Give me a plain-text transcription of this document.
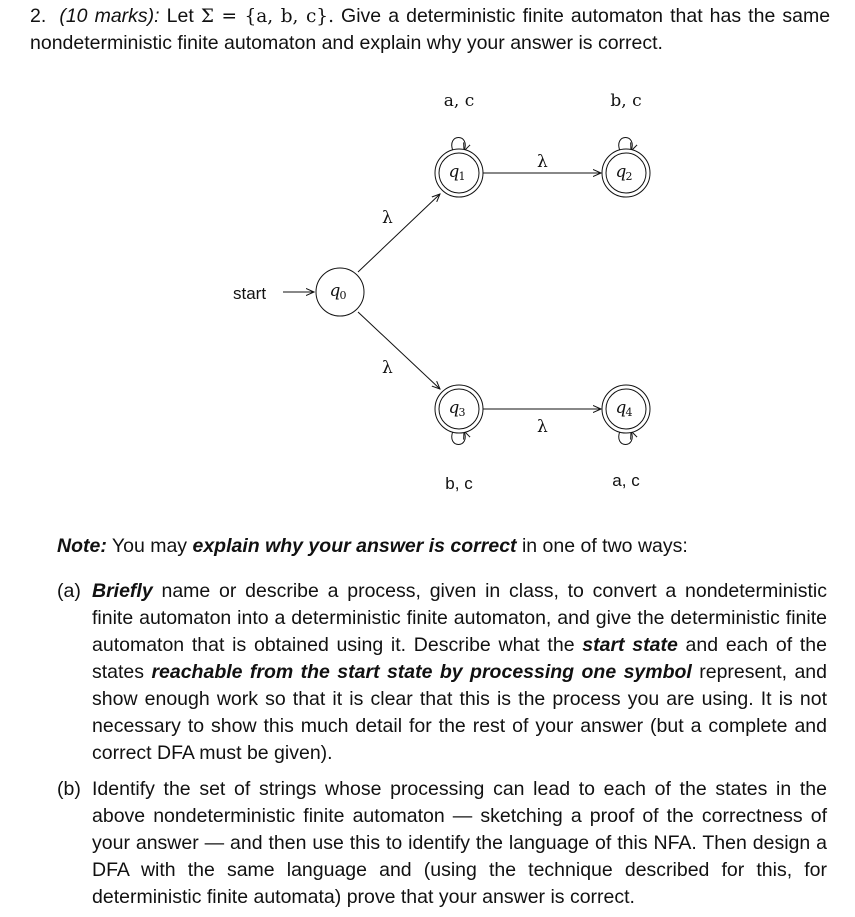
2. (10 marks): Let Σ = {a, b, c}. Give a deterministic finite automaton that has the same nondeterministic finite automaton and explain why your answer is correct.
start
λ
λ
λ
λ
a, c	b, c
b, c	a, c
q 0
q 1	q 2
q 3	q 4
Note: You may explain why your answer is correct in one of two ways:
(a) Briefly name or describe a process, given in class, to convert a nondeterministic finite automaton into a deterministic finite automaton, and give the deterministic finite automaton that is obtained using it. Describe what the start state and each of the states reachable from the start state by processing one symbol represent, and show enough work so that it is clear that this is the process you are using. It is not necessary to show this much detail for the rest of your answer (but a complete and correct DFA must be given).
(b) Identify the set of strings whose processing can lead to each of the states in the above nondeterministic finite automaton — sketching a proof of the correctness of your answer — and then use this to identify the language of this NFA. Then design a DFA with the same language and (using the technique described for this, for deterministic finite automata) prove that your answer is correct.
